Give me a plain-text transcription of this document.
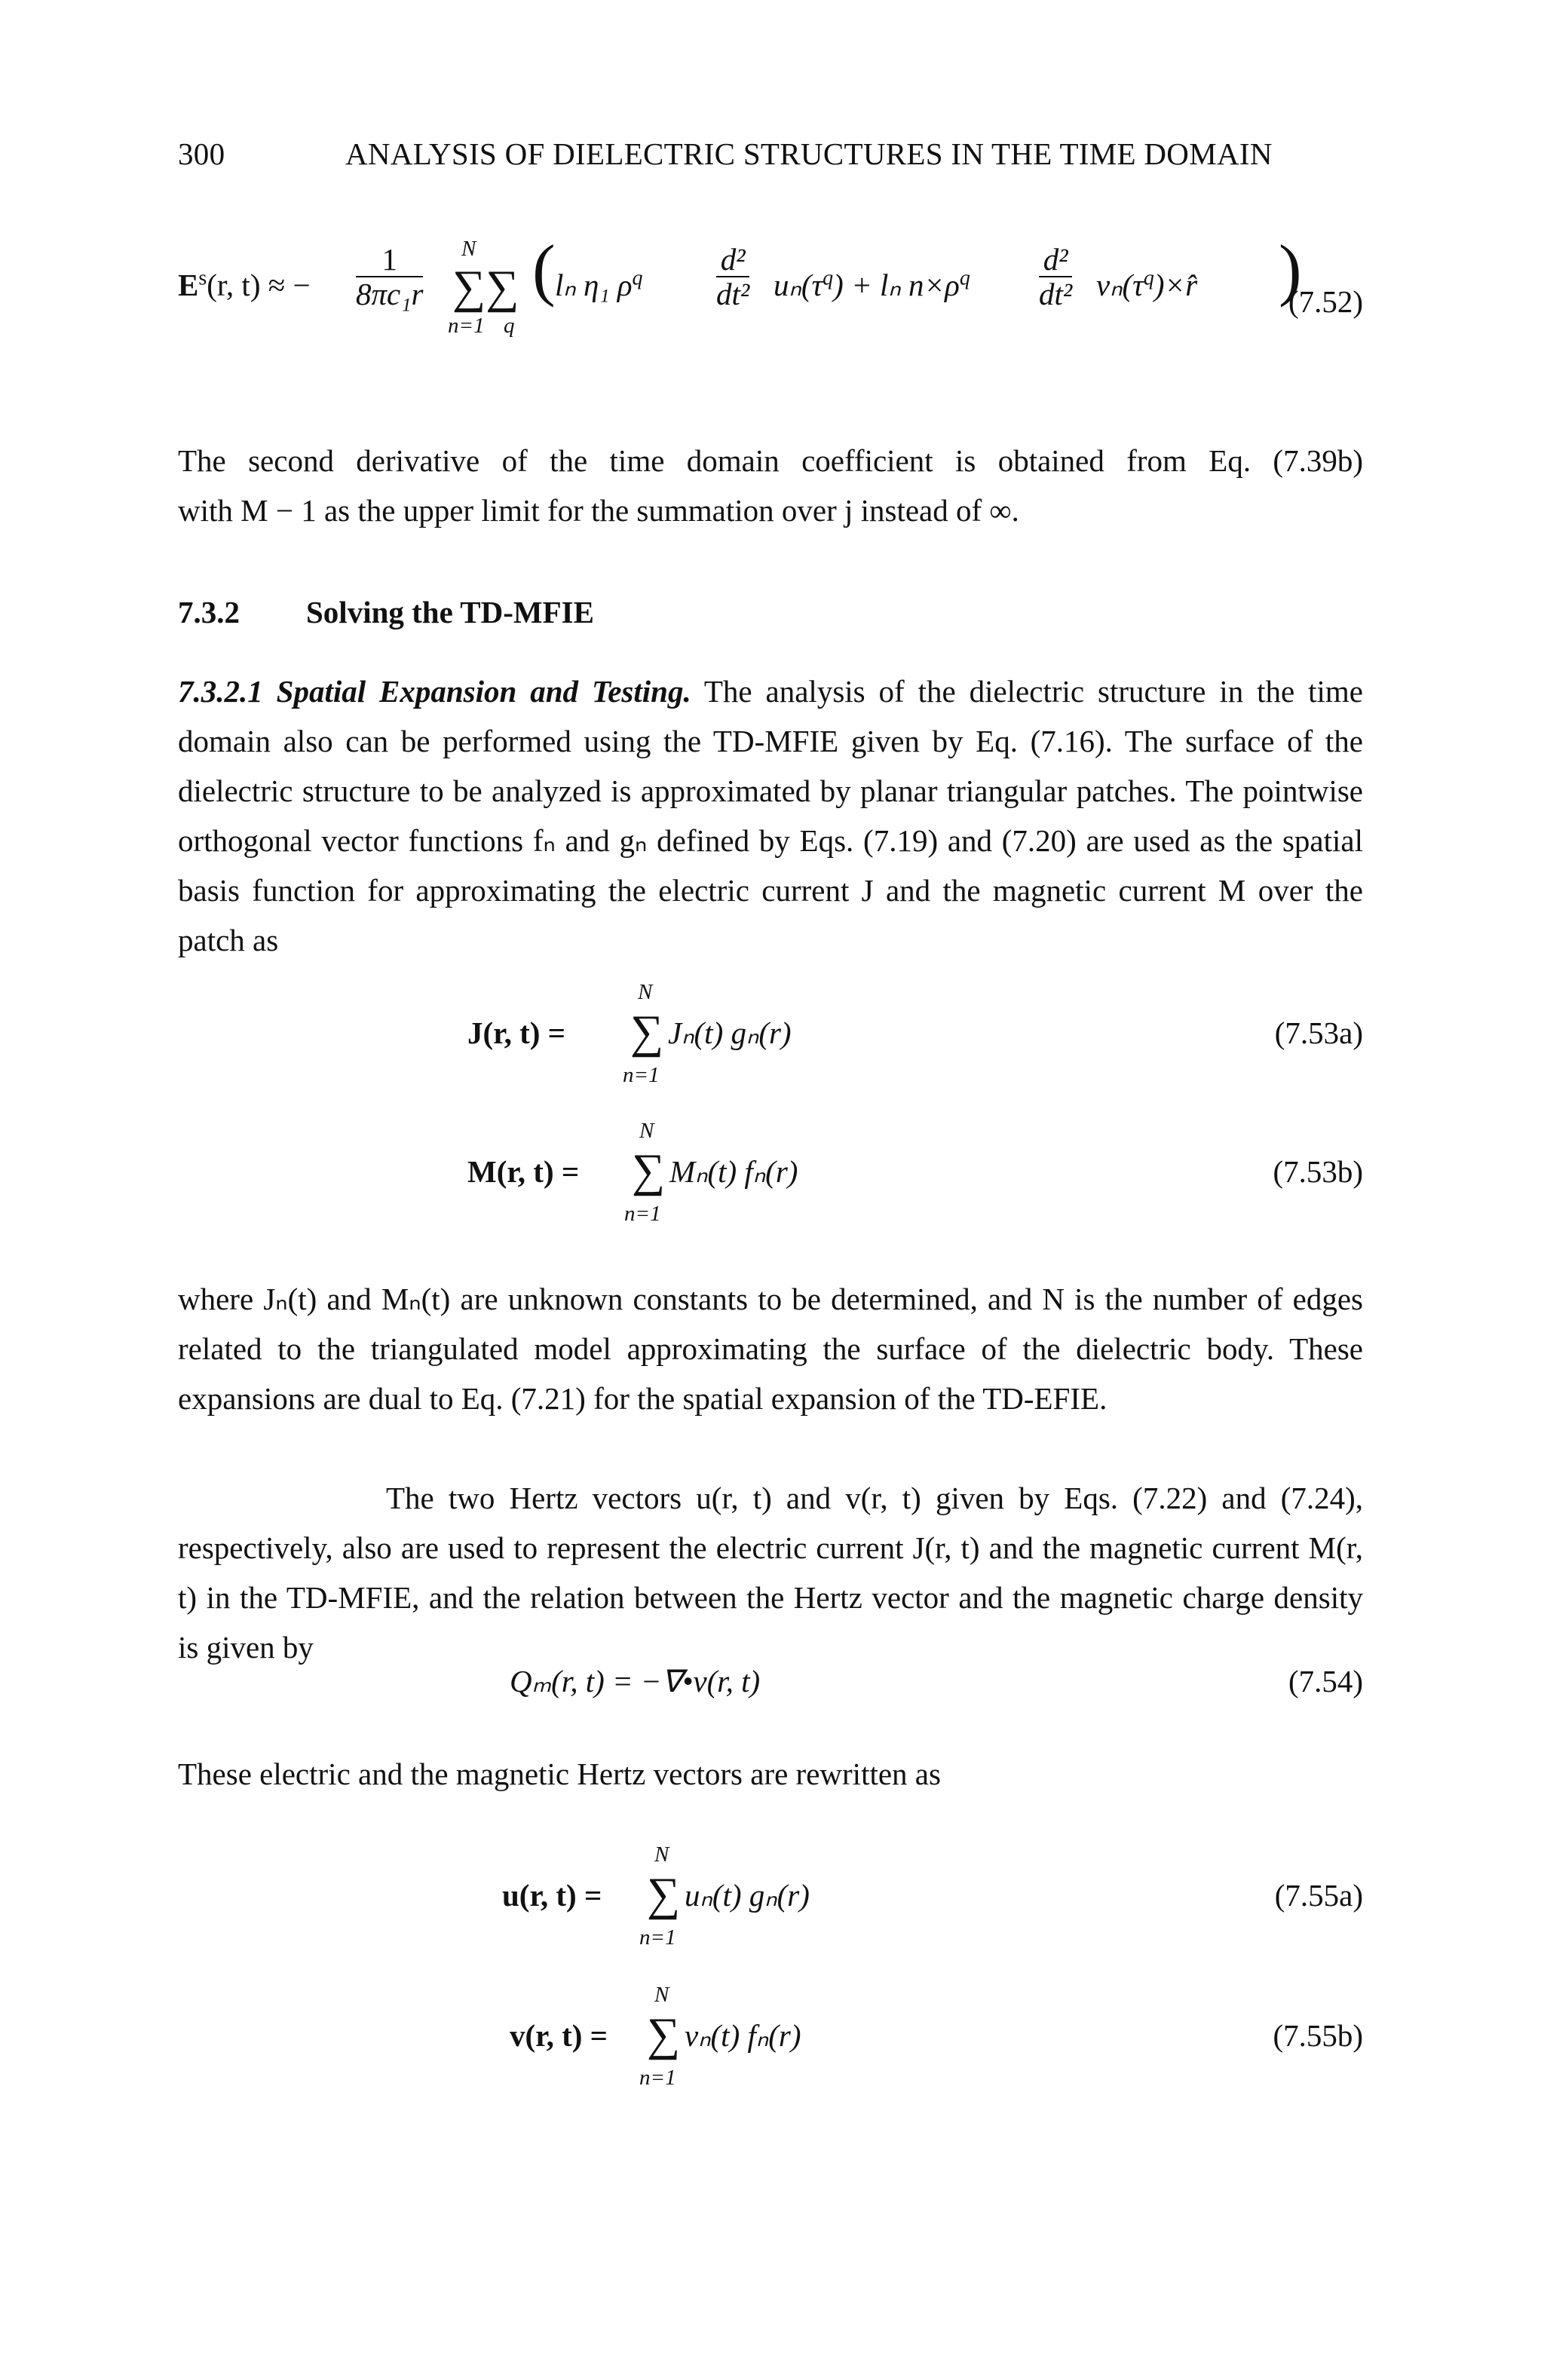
300	ANALYSIS OF DIELECTRIC STRUCTURES IN THE TIME DOMAIN
$E^s(r$, t) ≈ − $\frac{1}{\text{8πc₁r}}$ N
∑∑
n=1 q
( lₙ η₁ $\rho^q \frac{\text{d²}}{\text{dt²}} u_n(\tau^q) + l_n$ $n\times\rho^q \frac{\text{d²}}{\text{dt²}}$ $v_n(\tau^q)\times r̂$ )
(7.52)

The second derivative of the time domain coefficient is obtained from Eq. (7.39b)

with M − 1 as the upper limit for the summation over j instead of ∞.

7.3.2 Solving the TD-MFIE

7.3.2.1 Spatial Expansion and Testing. The analysis of the dielectric structure in the time domain also can be performed using the TD-MFIE given by Eq. (7.16). The surface of the dielectric structure to be analyzed is approximated by planar triangular patches. The pointwise orthogonal vector functions fₙ and gₙ defined by Eqs. (7.19) and (7.20) are used as the spatial basis function for approximating the electric current J and the magnetic current M over the patch as

N
J(r, t) = ∑ Jₙ(t) gₙ(r)
n=1
(7.53a)
N
M(r, t) = ∑ Mₙ(t) fₙ(r)
n=1
(7.53b)

where Jₙ(t) and Mₙ(t) are unknown constants to be determined, and N is the number of edges related to the triangulated model approximating the surface of the dielectric body. These expansions are dual to Eq. (7.21) for the spatial expansion of the TD-EFIE.

The two Hertz vectors u(r, t) and v(r, t) given by Eqs. (7.22) and (7.24), respectively, also are used to represent the electric current J(r, t) and the magnetic current M(r, t) in the TD-MFIE, and the relation between the Hertz vector and the magnetic charge density is given by

Qₘ(r, t) = −∇•v(r, t)	(7.54)

These electric and the magnetic Hertz vectors are rewritten as

N
u(r, t) = ∑ uₙ(t) gₙ(r)
n=1
(7.55a)
N
v(r, t) = ∑ vₙ(t) fₙ(r)
n=1
(7.55b)
